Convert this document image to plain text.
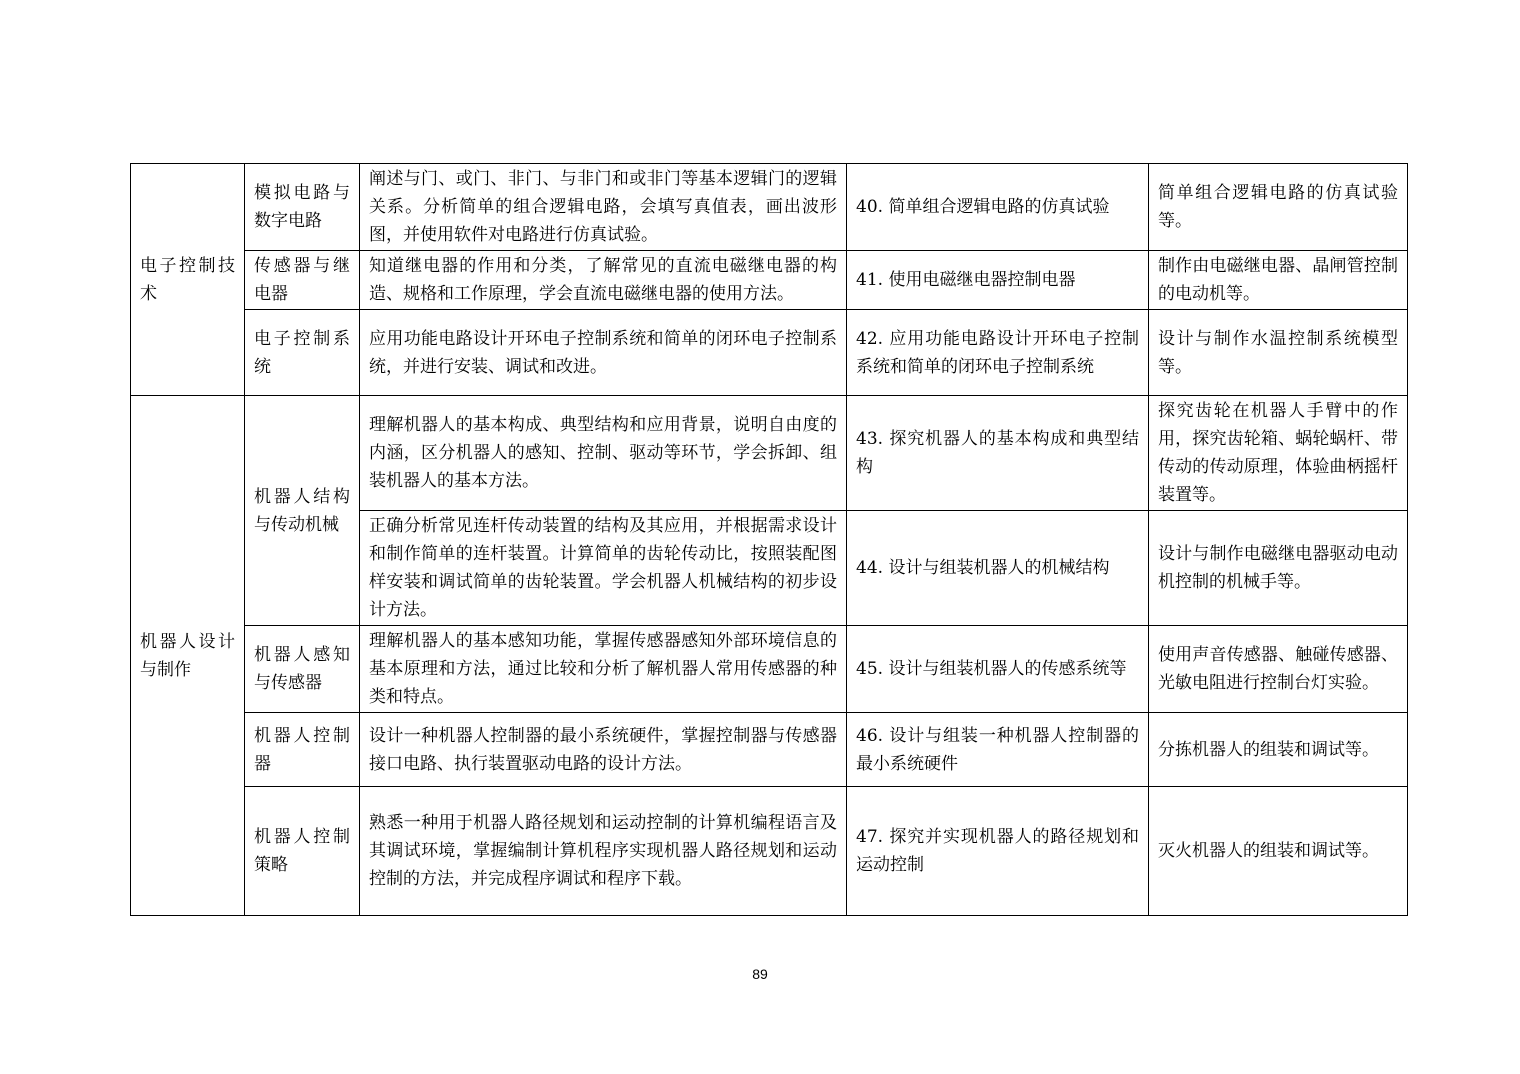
电子控制技术	模拟电路与数字电路	阐述与门、或门、非门、与非门和或非门等基本逻辑门的逻辑关系。分析简单的组合逻辑电路，会填写真值表，画出波形图，并使用软件对电路进行仿真试验。	40. 简单组合逻辑电路的仿真试验	简单组合逻辑电路的仿真试验等。
	传感器与继电器	知道继电器的作用和分类，了解常见的直流电磁继电器的构造、规格和工作原理，学会直流电磁继电器的使用方法。	41. 使用电磁继电器控制电器	制作由电磁继电器、晶闸管控制的电动机等。
	电子控制系统	应用功能电路设计开环电子控制系统和简单的闭环电子控制系统，并进行安装、调试和改进。	42. 应用功能电路设计开环电子控制系统和简单的闭环电子控制系统	设计与制作水温控制系统模型等。
机器人设计与制作	机器人结构与传动机械	理解机器人的基本构成、典型结构和应用背景，说明自由度的内涵，区分机器人的感知、控制、驱动等环节，学会拆卸、组装机器人的基本方法。	43. 探究机器人的基本构成和典型结构	探究齿轮在机器人手臂中的作用，探究齿轮箱、蜗轮蜗杆、带传动的传动原理，体验曲柄摇杆装置等。
		正确分析常见连杆传动装置的结构及其应用，并根据需求设计和制作简单的连杆装置。计算简单的齿轮传动比，按照装配图样安装和调试简单的齿轮装置。学会机器人机械结构的初步设计方法。	44. 设计与组装机器人的机械结构	设计与制作电磁继电器驱动电动机控制的机械手等。
	机器人感知与传感器	理解机器人的基本感知功能，掌握传感器感知外部环境信息的基本原理和方法，通过比较和分析了解机器人常用传感器的种类和特点。	45. 设计与组装机器人的传感系统等	使用声音传感器、触碰传感器、光敏电阻进行控制台灯实验。
	机器人控制器	设计一种机器人控制器的最小系统硬件，掌握控制器与传感器接口电路、执行装置驱动电路的设计方法。	46. 设计与组装一种机器人控制器的最小系统硬件	分拣机器人的组装和调试等。
	机器人控制策略	熟悉一种用于机器人路径规划和运动控制的计算机编程语言及其调试环境，掌握编制计算机程序实现机器人路径规划和运动控制的方法，并完成程序调试和程序下载。	47. 探究并实现机器人的路径规划和运动控制	灭火机器人的组装和调试等。
89
